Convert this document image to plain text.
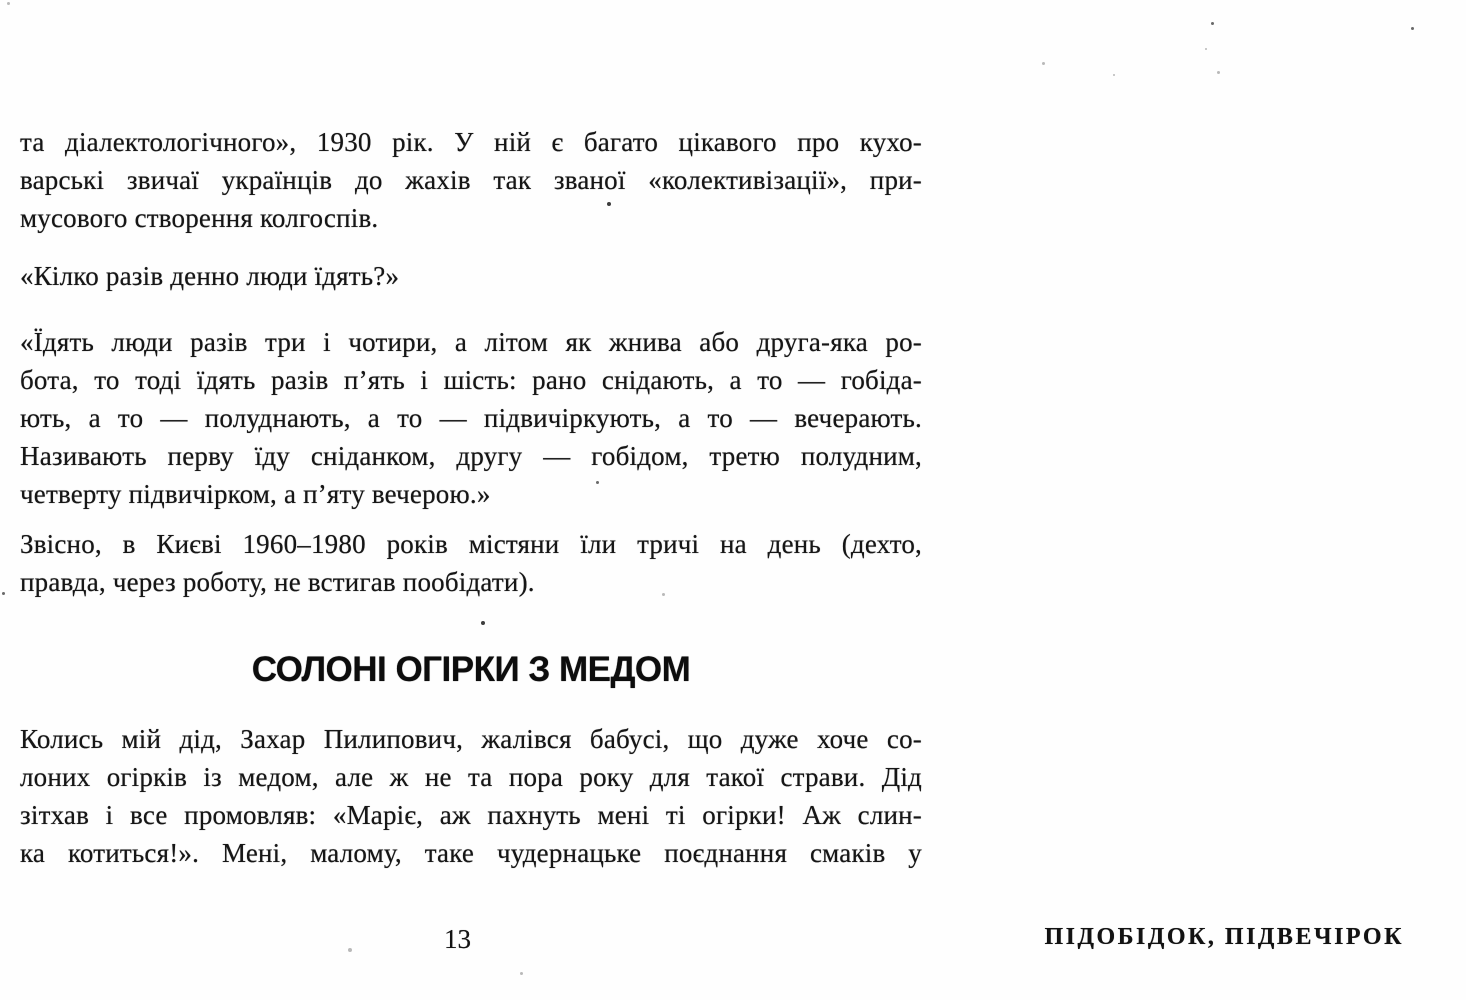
та діалектологічного», 1930 рік. У ній є багато цікавого про кухо-
варські звичаї українців до жахів так званої «колективізації», при-
мусового створення колгоспів.
«Кілко разів денно люди їдять?»
«Їдять люди разів три і чотири, а літом як жнива або друга-яка ро-
бота, то тоді їдять разів п’ять і шість: рано снідають, а то — гобіда-
ють, а то — полуднають, а то — підвичіркують, а то — вечерають.
Називають перву їду сніданком, другу — гобідом, третю полудним,
четверту підвичірком, а п’яту вечерою.»
Звісно, в Києві 1960–1980 років містяни їли тричі на день (дехто,
правда, через роботу, не встигав пообідати).
СОЛОНІ ОГІРКИ З МЕДОМ
Колись мій дід, Захар Пилипович, жалівся бабусі, що дуже хоче со-
лоних огірків із медом, але ж не та пора року для такої страви. Дід
зітхав і все промовляв: «Маріє, аж пахнуть мені ті огірки! Аж слин-
ка котиться!». Мені, малому, таке чудернацьке поєднання смаків у
13	ПІДОБІДОК, ПІДВЕЧІРОК
